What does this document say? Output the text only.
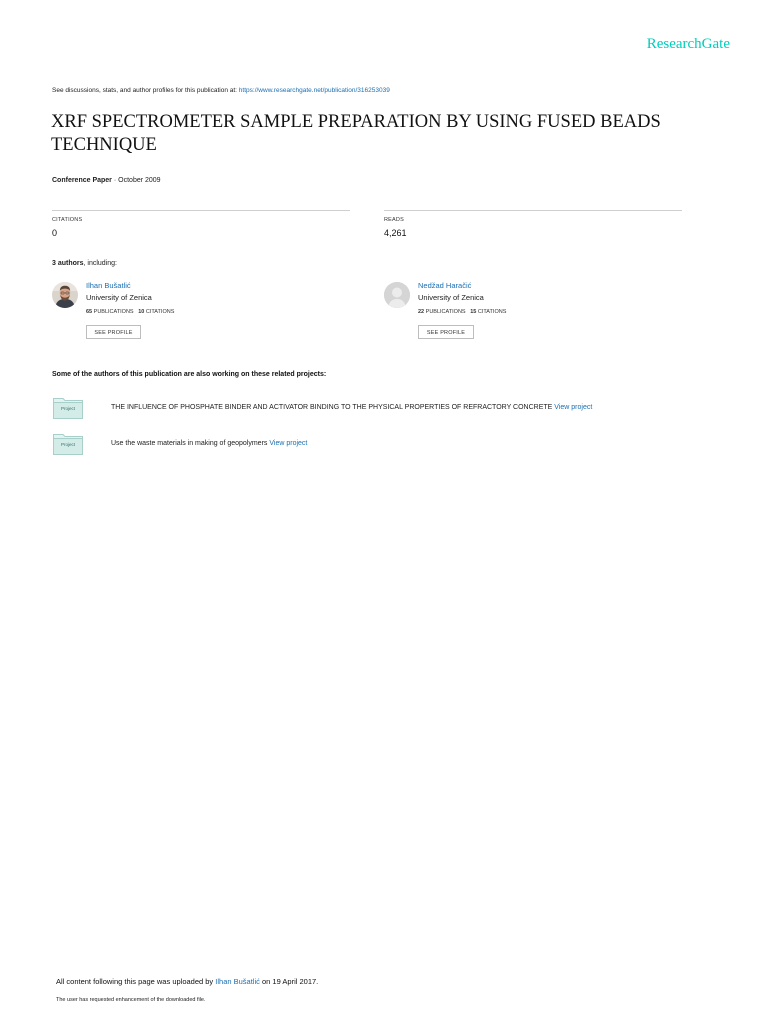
ResearchGate
See discussions, stats, and author profiles for this publication at: https://www.researchgate.net/publication/316253039
XRF SPECTROMETER SAMPLE PREPARATION BY USING FUSED BEADS
TECHNIQUE
Conference Paper · October 2009
CITATIONS
0
READS
4,261
3 authors, including:
Ilhan Bušatlić
University of Zenica
65 PUBLICATIONS 10 CITATIONS
SEE PROFILE
Nedžad Haračić
University of Zenica
22 PUBLICATIONS 15 CITATIONS
SEE PROFILE
Some of the authors of this publication are also working on these related projects:
Project	THE INFLUENCE OF PHOSPHATE BINDER AND ACTIVATOR BINDING TO THE PHYSICAL PROPERTIES OF REFRACTORY CONCRETE View project
Project	Use the waste materials in making of geopolymers View project
All content following this page was uploaded by Ilhan Bušatlić on 19 April 2017.
The user has requested enhancement of the downloaded file.
